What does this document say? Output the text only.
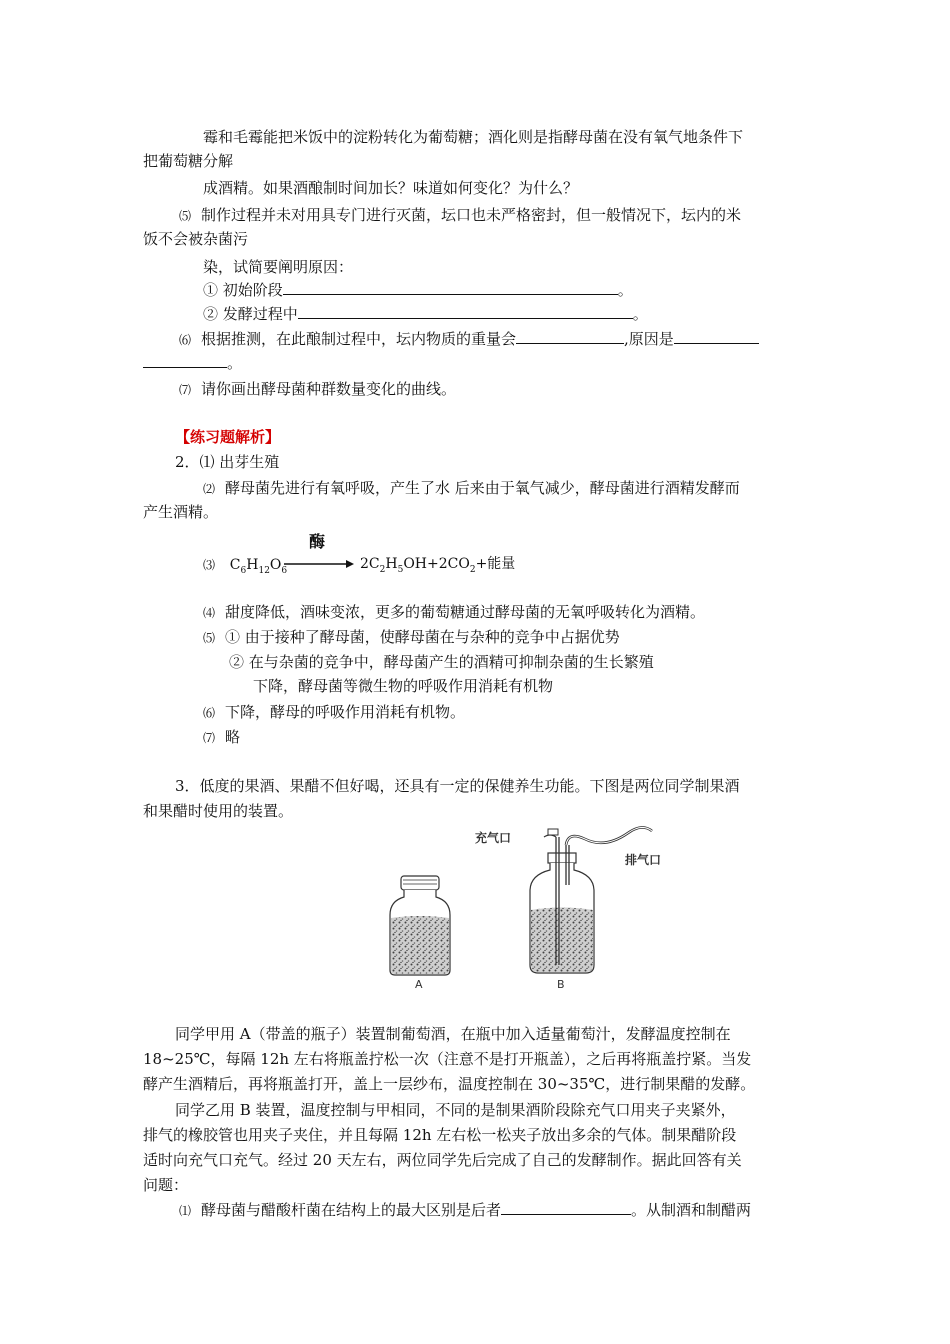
霉和毛霉能把米饭中的淀粉转化为葡萄糖；酒化则是指酵母菌在没有氧气地条件下
把葡萄糖分解
成酒精。如果酒酿制时间加长？味道如何变化？为什么？
⑸ 制作过程并未对用具专门进行灭菌，坛口也未严格密封，但一般情况下，坛内的米
饭不会被杂菌污
染，试简要阐明原因：
① 初始阶段	。
② 发酵过程中	。
⑹ 根据推测，在此酿制过程中，坛内物质的重量会	,原因是
。
⑺ 请你画出酵母菌种群数量变化的曲线。
【练习题解析】
2．⑴ 出芽生殖
⑵ 酵母菌先进行有氧呼吸，产生了水 后来由于氧气减少，酵母菌进行酒精发酵而
产生酒精。
酶
⑶ $C_6H_{12}O_6$	$2C_2H_5OH+2CO_2+$能量
⑷ 甜度降低，酒味变浓，更多的葡萄糖通过酵母菌的无氧呼吸转化为酒精。
⑸ ① 由于接种了酵母菌，使酵母菌在与杂种的竞争中占据优势
② 在与杂菌的竞争中，酵母菌产生的酒精可抑制杂菌的生长繁殖
下降，酵母菌等微生物的呼吸作用消耗有机物
⑹ 下降，酵母的呼吸作用消耗有机物。
⑺ 略
3．低度的果酒、果醋不但好喝，还具有一定的保健养生功能。下图是两位同学制果酒
和果醋时使用的装置。
A
充气口
排气口
B
同学甲用 A（带盖的瓶子）装置制葡萄酒，在瓶中加入适量葡萄汁，发酵温度控制在
18~25℃，每隔 12h 左右将瓶盖拧松一次（注意不是打开瓶盖），之后再将瓶盖拧紧。当发
酵产生酒精后，再将瓶盖打开，盖上一层纱布，温度控制在 30~35℃，进行制果醋的发酵。
同学乙用 B 装置，温度控制与甲相同，不同的是制果酒阶段除充气口用夹子夹紧外，
排气的橡胶管也用夹子夹住，并且每隔 12h 左右松一松夹子放出多余的气体。制果醋阶段
适时向充气口充气。经过 20 天左右，两位同学先后完成了自己的发酵制作。据此回答有关
问题：
⑴ 酵母菌与醋酸杆菌在结构上的最大区别是后者	。从制酒和制醋两
